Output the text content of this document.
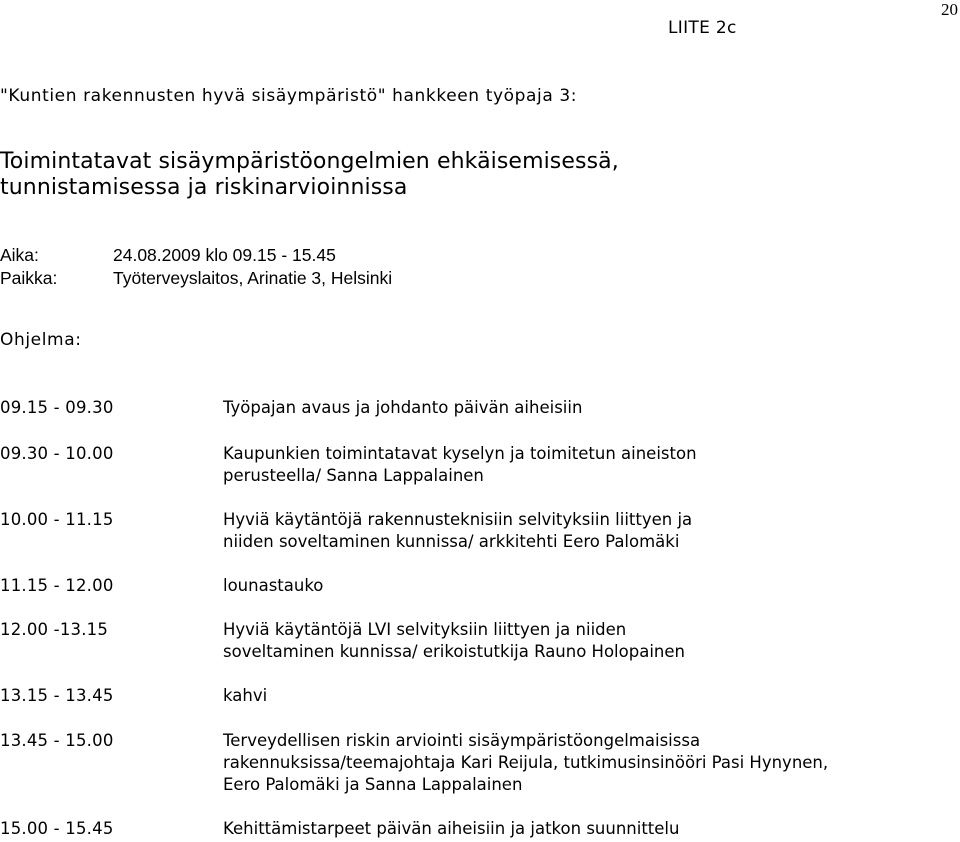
20
LIITE 2c
"Kuntien rakennusten hyvä sisäympäristö" hankkeen työpaja 3:
Toimintatavat sisäympäristöongelmien ehkäisemisessä,
tunnistamisessa ja riskinarvioinnissa
Aika:	24.08.2009 klo 09.15 - 15.45
Paikka:	Työterveyslaitos, Arinatie 3, Helsinki
Ohjelma:
09.15 - 09.30	Työpajan avaus ja johdanto päivän aiheisiin
09.30 - 10.00	Kaupunkien toimintatavat kyselyn ja toimitetun aineiston
perusteella/ Sanna Lappalainen
10.00 - 11.15	Hyviä käytäntöjä rakennusteknisiin selvityksiin liittyen ja
niiden soveltaminen kunnissa/ arkkitehti Eero Palomäki
11.15 - 12.00	lounastauko
12.00 -13.15	Hyviä käytäntöjä LVI selvityksiin liittyen ja niiden
soveltaminen kunnissa/ erikoistutkija Rauno Holopainen
13.15 - 13.45	kahvi
13.45 - 15.00	Terveydellisen riskin arviointi sisäympäristöongelmaisissa
rakennuksissa/teemajohtaja Kari Reijula, tutkimusinsinööri Pasi Hynynen,
Eero Palomäki ja Sanna Lappalainen
15.00 - 15.45	Kehittämistarpeet päivän aiheisiin ja jatkon suunnittelu
